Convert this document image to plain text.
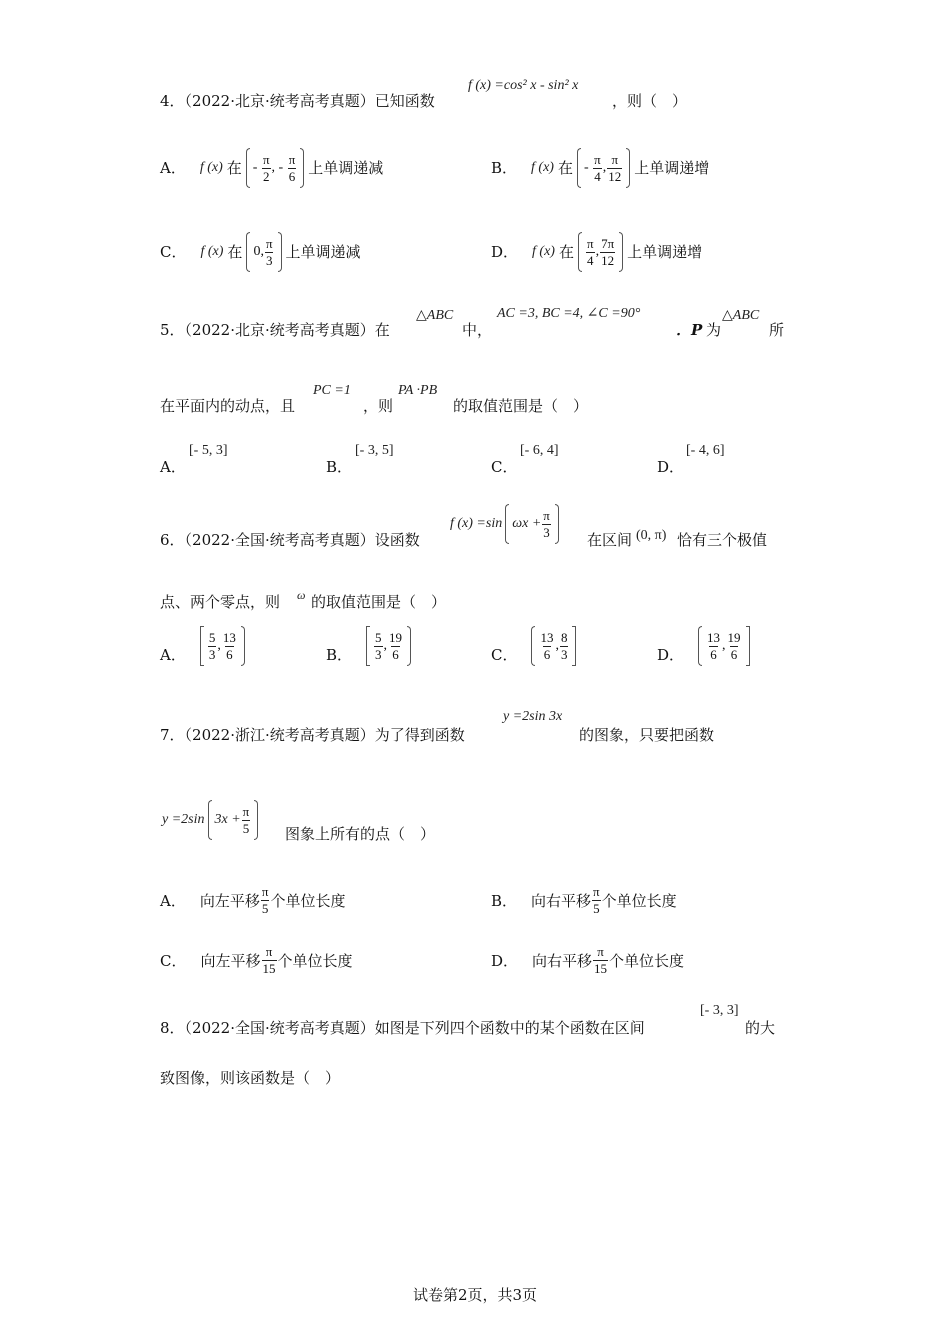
4．（2022·北京·统考高考真题）已知函数
f (x) =cos² x - sin² x
，则（　）
A． f (x) 在 - $\frac{\pi}{2}$ , - $\frac{\pi}{6}$ 上单调递减	B． f (x) 在 - $\frac{\pi}{4}$ , $\frac{\pi}{12}$ 上单调递增
C． f (x) 在 0, $\frac{\pi}{3}$ 上单调递减	D． f (x) 在 $\frac{\pi}{4}$ , $\frac{7\pi}{12}$ 上单调递增
5．（2022·北京·统考高考真题）在
△ABC
中，
AC =3, BC =4, ∠C =90°
．P 为
△ABC
所
在平面内的动点，且
PC =1
，则
PA ·PB
的取值范围是（　）
A．
[- 5, 3]
B．
[- 3, 5]
C．
[- 6, 4]
D．
[- 4, 6]
6．（2022·全国·统考高考真题）设函数
f (x) =sin $\omega x + \frac{\pi}{3}$ 在区间 (0, π) 恰有三个极值
点、两个零点，则 ω 的取值范围是（　）
A． $\frac{5}{3}$ , $\frac{13}{6}$	B． $\frac{5}{3}$ , $\frac{19}{6}$	C． $\frac{13}{6}$ , $\frac{8}{3}$	D． $\frac{13}{6}$ , $\frac{19}{6}$
7．（2022·浙江·统考高考真题）为了得到函数
y =2sin 3x
的图象，只要把函数
y =2sin $3x + \frac{\pi}{5}$ 图象上所有的点（　）
A． 向左平移 $\frac{\pi}{5}$ 个单位长度	B． 向右平移 $\frac{\pi}{5}$ 个单位长度
C． 向左平移 $\frac{\pi}{15}$ 个单位长度	D． 向右平移 $\frac{\pi}{15}$ 个单位长度
8．（2022·全国·统考高考真题）如图是下列四个函数中的某个函数在区间
[- 3, 3]
的大
致图像，则该函数是（　）
试卷第2页，共3页
